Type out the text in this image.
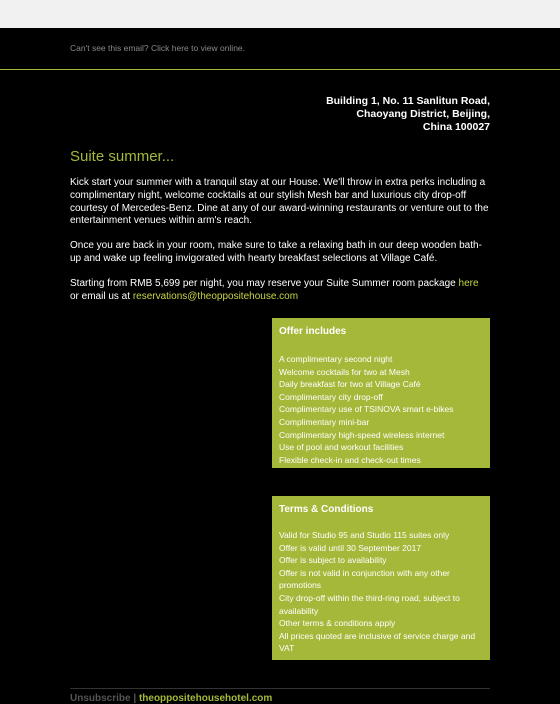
Can't see this email? Click here to view online.
Building 1, No. 11 Sanlitun Road,
Chaoyang District, Beijing,
China 100027
Suite summer...

Kick start your summer with a tranquil stay at our House. We'll throw in extra perks including a complimentary night, welcome cocktails at our stylish Mesh bar and luxurious city drop-off courtesy of Mercedes-Benz. Dine at any of our award-winning restaurants or venture out to the entertainment venues within arm's reach.

Once you are back in your room, make sure to take a relaxing bath in our deep wooden bath-up and wake up feeling invigorated with hearty breakfast selections at Village Café.

Starting from RMB 5,699 per night, you may reserve your Suite Summer room package here or email us at reservations@theoppositehouse.com

Offer includes
A complimentary second night
Welcome cocktails for two at Mesh
Daily breakfast for two at Village Café
Complimentary city drop-off
Complimentary use of TSINOVA smart e-bikes
Complimentary mini-bar
Complimentary high-speed wireless internet
Use of pool and workout facilities
Flexible check-in and check-out times
Terms & Conditions
Valid for Studio 95 and Studio 115 suites only
Offer is valid until 30 September 2017
Offer is subject to availability
Offer is not valid in conjunction with any other promotions
City drop-off within the third-ring road, subject to availability
Other terms & conditions apply
All prices quoted are inclusive of service charge and VAT
Unsubscribe | theoppositehousehotel.com
